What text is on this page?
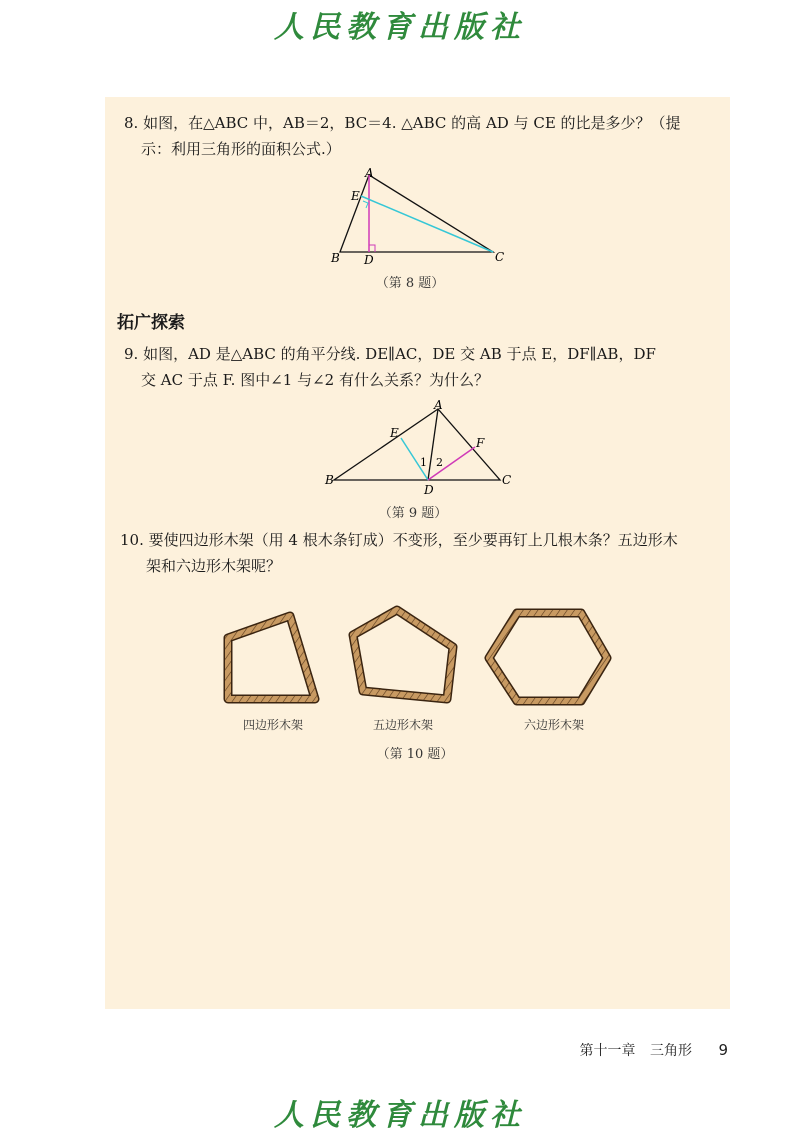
人民教育出版社
8. 如图，在△ABC 中，AB＝2，BC＝4. △ABC 的高 AD 与 CE 的比是多少？（提
示：利用三角形的面积公式.）
A
E
B D	C
（第 8 题）
拓广探索
9. 如图，AD 是△ABC 的角平分线. DE∥AC，DE 交 AB 于点 E，DF∥AB，DF
交 AC 于点 F. 图中∠1 与∠2 有什么关系？为什么？
A
E
F
B
D
C
1 2
（第 9 题）
10. 要使四边形木架（用 4 根木条钉成）不变形，至少要再钉上几根木条？五边形木
架和六边形木架呢？
四边形木架	五边形木架	六边形木架
（第 10 题）
第十一章 三角形 9
人民教育出版社
